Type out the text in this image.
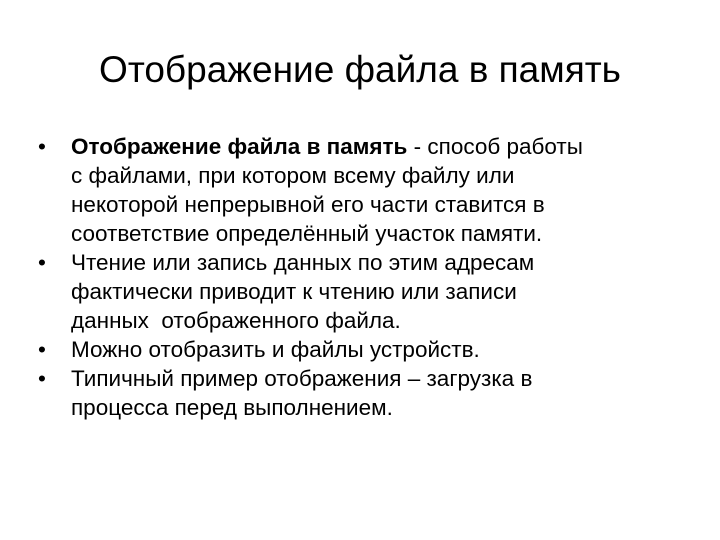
Отображение файла в память
•	Отображение файла в память - способ работы
с файлами, при котором всему файлу или
некоторой непрерывной его части ставится в
соответствие определённый участок памяти.
•	Чтение или запись данных по этим адресам
фактически приводит к чтению или записи
данных  отображенного файла.
•	Можно отобразить и файлы устройств.
•	Типичный пример отображения – загрузка в
процесса перед выполнением.
